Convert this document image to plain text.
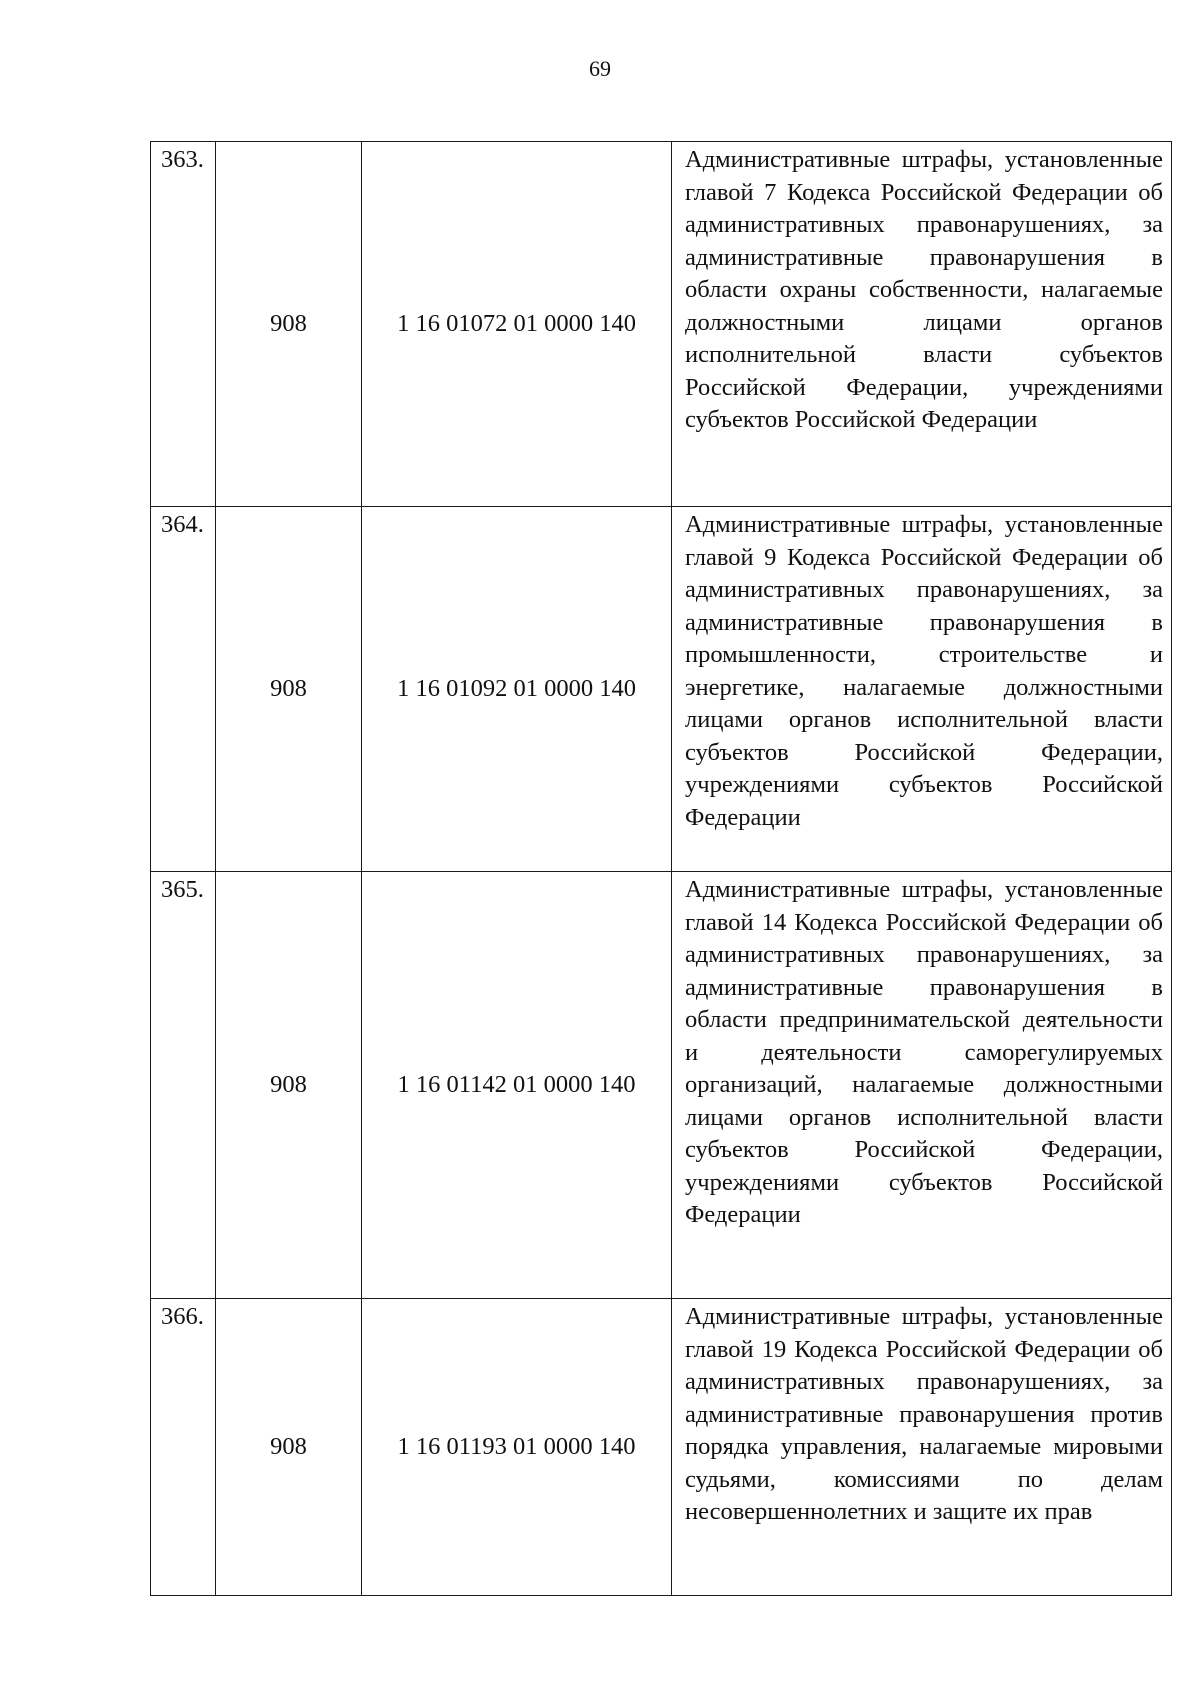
69
363.	908	1 16 01072 01 0000 140	Административные штрафы, установленные главой 7 Кодекса Российской Федерации об административных правонарушениях, за административные правонарушения в области охраны собственности, налагаемые должностными лицами органов исполнительной власти субъектов Российской Федерации, учреждениями субъектов Российской Федерации
364.	908	1 16 01092 01 0000 140	Административные штрафы, установленные главой 9 Кодекса Российской Федерации об административных правонарушениях, за административные правонарушения в промышленности, строительстве и энергетике, налагаемые должностными лицами органов исполнительной власти субъектов Российской Федерации, учреждениями субъектов Российской Федерации
365.	908	1 16 01142 01 0000 140	Административные штрафы, установленные главой 14 Кодекса Российской Федерации об административных правонарушениях, за административные правонарушения в области предпринимательской деятельности и деятельности саморегулируемых организаций, налагаемые должностными лицами органов исполнительной власти субъектов Российской Федерации, учреждениями субъектов Российской Федерации
366.	908	1 16 01193 01 0000 140	Административные штрафы, установленные главой 19 Кодекса Российской Федерации об административных правонарушениях, за административные правонарушения против порядка управления, налагаемые мировыми судьями, комиссиями по делам несовершеннолетних и защите их прав
